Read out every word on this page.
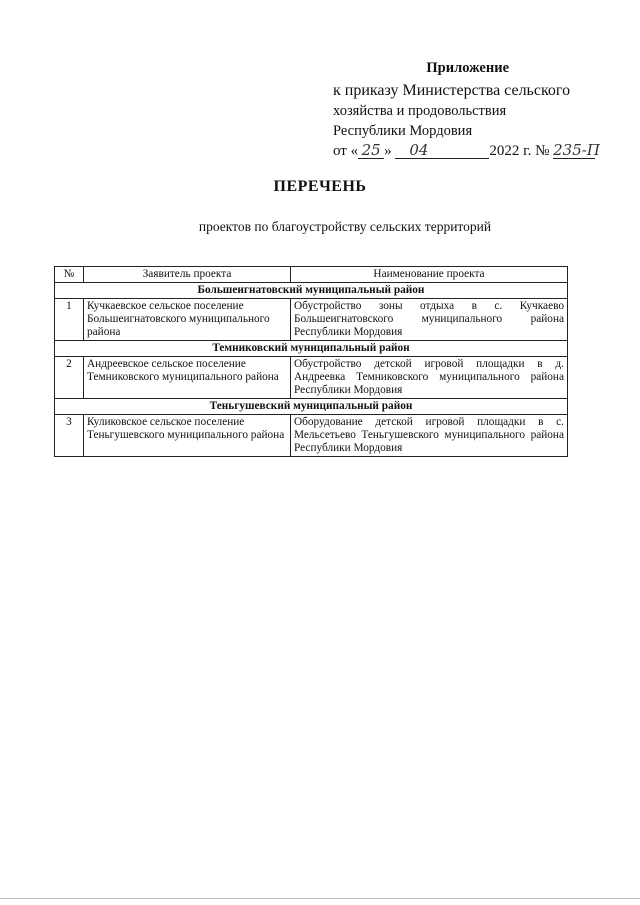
Приложение
к приказу Министерства сельского
хозяйства и продовольствия
Республики Мордовия
от « 25 » 04	2022 г. № 235-П
ПЕРЕЧЕНЬ
проектов по благоустройству сельских территорий
№	Заявитель проекта	Наименование проекта
Большеигнатовский муниципальный район		
1	Кучкаевское сельское поселение Большеигнатовского муниципального района	Обустройство зоны отдыха в с. Кучкаево Большеигнатовского муниципального района Республики Мордовия
Темниковский муниципальный район		
2	Андреевское сельское поселение Темниковского муниципального района	Обустройство детской игровой площадки в д. Андреевка Темниковского муниципального района Республики Мордовия
Теньгушевский муниципальный район		
3	Куликовское сельское поселение Теньгушевского муниципального района	Оборудование детской игровой площадки в с. Мельсетьево Теньгушевского муниципального района Республики Мордовия
